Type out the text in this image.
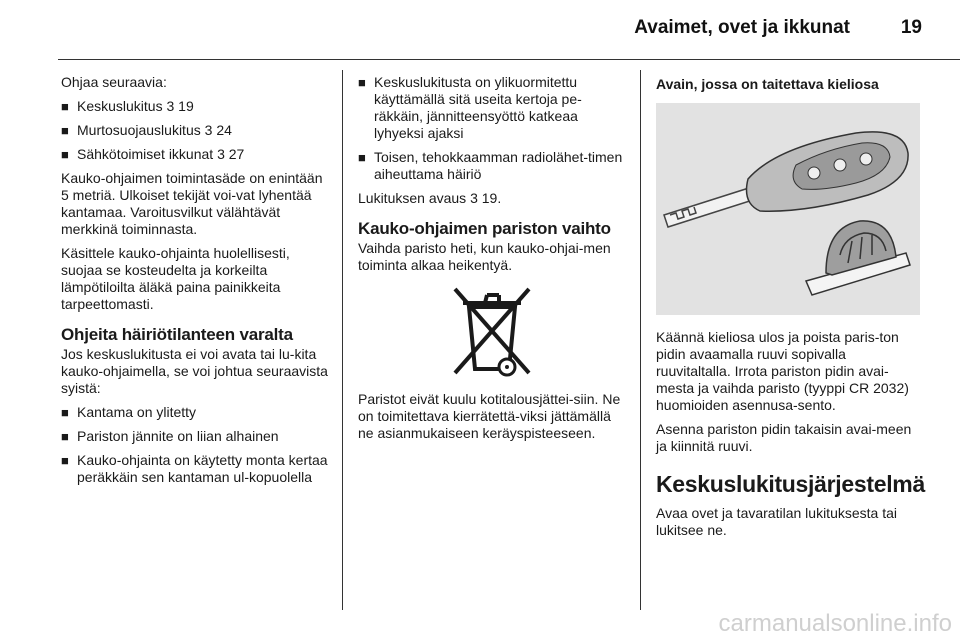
Avaimet, ovet ja ikkunat	19

Ohjaa seuraavia:

■ Keskuslukitus 3 19
■ Murtosuojauslukitus 3 24
■ Sähkötoimiset ikkunat 3 27

Kauko-ohjaimen toimintasäde on enintään 5 metriä. Ulkoiset tekijät voi-vat lyhentää kantamaa. Varoitusvilkut välähtävät merkkinä toiminnasta.

Käsittele kauko-ohjainta huolellisesti, suojaa se kosteudelta ja korkeilta lämpötiloilta äläkä paina painikkeita tarpeettomasti.

Ohjeita häiriötilanteen varalta

Jos keskuslukitusta ei voi avata tai lu-kita kauko-ohjaimella, se voi johtua seuraavista syistä:

■ Kantama on ylitetty
■ Pariston jännite on liian alhainen
■ Kauko-ohjainta on käytetty monta kertaa peräkkäin sen kantaman ul-kopuolella
■ Keskuslukitusta on ylikuormitettu käyttämällä sitä useita kertoja pe-räkkäin, jännitteensyöttö katkeaa lyhyeksi ajaksi
■ Toisen, tehokkaamman radiolähet-timen aiheuttama häiriö

Lukituksen avaus 3 19.

Kauko-ohjaimen pariston vaihto

Vaihda paristo heti, kun kauko-ohjai-men toiminta alkaa heikentyä.

Paristot eivät kuulu kotitalousjättei-siin. Ne on toimitettava kierrätettä-viksi jättämällä ne asianmukaiseen keräyspisteeseen.

Avain, jossa on taitettava kieliosa

Käännä kieliosa ulos ja poista paris-ton pidin avaamalla ruuvi sopivalla ruuvitaltalla. Irrota pariston pidin avai-mesta ja vaihda paristo (tyyppi CR 2032) huomioiden asennusa-sento.

Asenna pariston pidin takaisin avai-meen ja kiinnitä ruuvi.

Keskuslukitusjärjestelmä

Avaa ovet ja tavaratilan lukituksesta tai lukitsee ne.

carmanualsonline.info
